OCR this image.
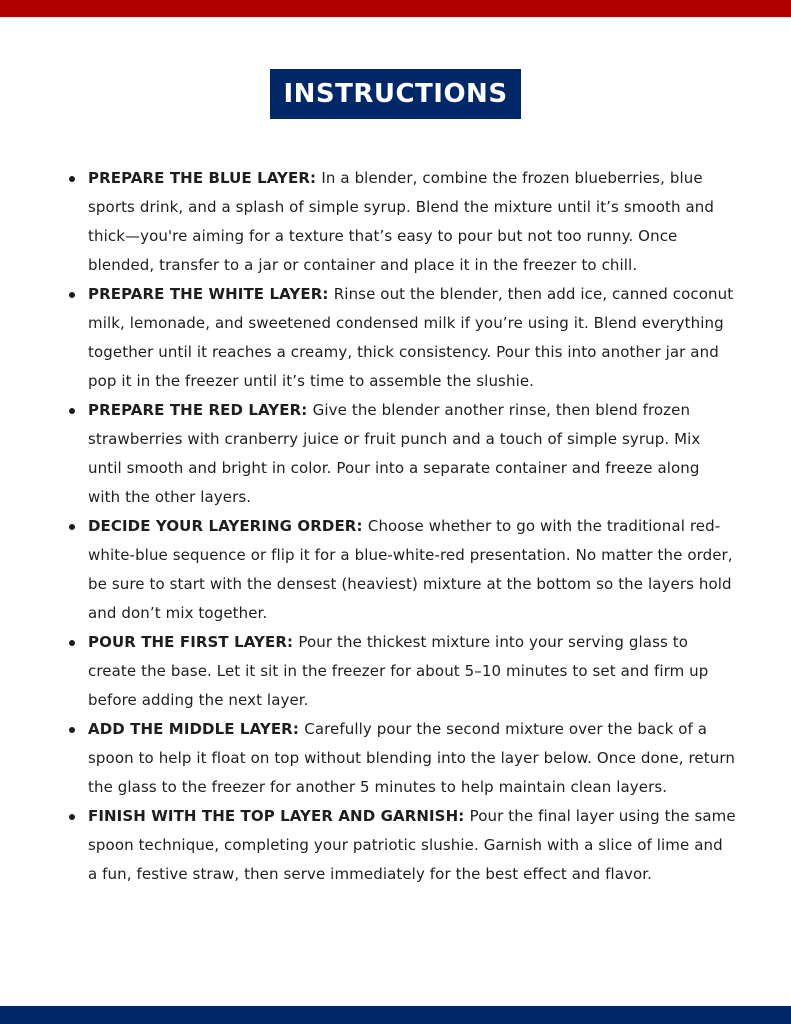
INSTRUCTIONS
PREPARE THE BLUE LAYER: In a blender, combine the frozen blueberries, blue sports drink, and a splash of simple syrup. Blend the mixture until it’s smooth and thick—you're aiming for a texture that’s easy to pour but not too runny. Once blended, transfer to a jar or container and place it in the freezer to chill.
PREPARE THE WHITE LAYER: Rinse out the blender, then add ice, canned coconut milk, lemonade, and sweetened condensed milk if you’re using it. Blend everything together until it reaches a creamy, thick consistency. Pour this into another jar and pop it in the freezer until it’s time to assemble the slushie.
PREPARE THE RED LAYER: Give the blender another rinse, then blend frozen strawberries with cranberry juice or fruit punch and a touch of simple syrup. Mix until smooth and bright in color. Pour into a separate container and freeze along with the other layers.
DECIDE YOUR LAYERING ORDER: Choose whether to go with the traditional red-white-blue sequence or flip it for a blue-white-red presentation. No matter the order, be sure to start with the densest (heaviest) mixture at the bottom so the layers hold and don’t mix together.
POUR THE FIRST LAYER: Pour the thickest mixture into your serving glass to create the base. Let it sit in the freezer for about 5–10 minutes to set and firm up before adding the next layer.
ADD THE MIDDLE LAYER: Carefully pour the second mixture over the back of a spoon to help it float on top without blending into the layer below. Once done, return the glass to the freezer for another 5 minutes to help maintain clean layers.
FINISH WITH THE TOP LAYER AND GARNISH: Pour the final layer using the same spoon technique, completing your patriotic slushie. Garnish with a slice of lime and a fun, festive straw, then serve immediately for the best effect and flavor.
